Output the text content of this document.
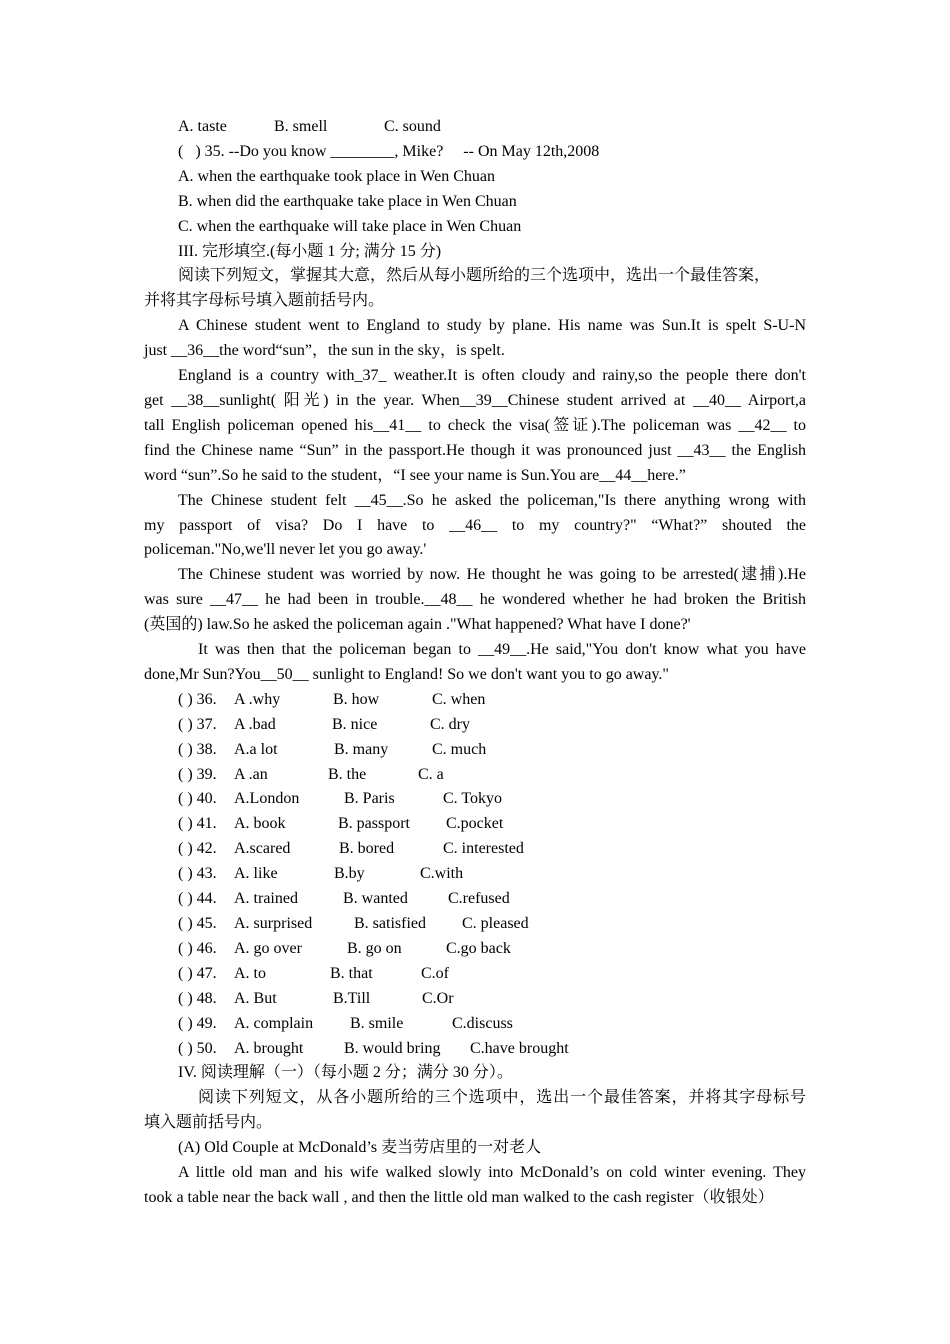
A. taste	B. smell	C. sound
(   ) 35. --Do you know ________, Mike?     -- On May 12th,2008
A. when the earthquake took place in Wen Chuan
B. when did the earthquake take place in Wen Chuan
C. when the earthquake will take place in Wen Chuan
III. 完形填空.(每小题 1 分; 满分 15 分)
阅读下列短文，掌握其大意，然后从每小题所给的三个选项中，选出一个最佳答案，
并将其字母标号填入题前括号内。
A Chinese student went to England to study by plane. His name was Sun.It is spelt S-U-N
just __36__the word“sun”，the sun in the sky，is spelt.
England is a country with_37_ weather.It is often cloudy and rainy,so the people there don't
get __38__sunlight( 阳光) in the year. When__39__Chinese student arrived at __40__ Airport,a
tall English policeman opened his__41__ to check the visa(签证).The policeman was __42__ to
find the Chinese name “Sun” in the passport.He though it was pronounced just __43__ the English
word “sun”.So he said to the student，“I see your name is Sun.You are__44__here.”
The Chinese student felt __45__.So he asked the policeman,"Is there anything wrong with
my passport of visa? Do I have to __46__ to my country?" “What?” shouted the
policeman."No,we'll never let you go away.'
The Chinese student was worried by now. He thought he was going to be arrested(逮捕).He
was sure __47__ he had been in trouble.__48__ he wondered whether he had broken the British
(英国的) law.So he asked the policeman again ."What happened? What have I done?'
It was then that the policeman began to __49__.He said,"You don't know what you have
done,Mr Sun?You__50__ sunlight to England! So we don't want you to go away."
( ) 36.	A .why	B. how	C. when
( ) 37.	A .bad	B. nice	C. dry
( ) 38.	A.a lot	B. many	C. much
( ) 39.	A .an	B. the	C. a
( ) 40.	A.London	B. Paris	C. Tokyo
( ) 41.	A. book	B. passport	C.pocket
( ) 42.	A.scared	B. bored	C. interested
( ) 43.	A. like	B.by	C.with
( ) 44.	A. trained	B. wanted	C.refused
( ) 45.	A. surprised	B. satisfied	C. pleased
( ) 46.	A. go over	B. go on	C.go back
( ) 47.	A. to	B. that	C.of
( ) 48.	A. But	B.Till	C.Or
( ) 49.	A. complain	B. smile	C.discuss
( ) 50.	A. brought	B. would bring	C.have brought
IV. 阅读理解（一）（每小题 2 分；满分 30 分）。
阅读下列短文，从各小题所给的三个选项中，选出一个最佳答案，并将其字母标号
填入题前括号内。
(A) Old Couple at McDonald’s 麦当劳店里的一对老人
A little old man and his wife walked slowly into McDonald’s on cold winter evening. They
took a table near the back wall , and then the little old man walked to the cash register（收银处）
